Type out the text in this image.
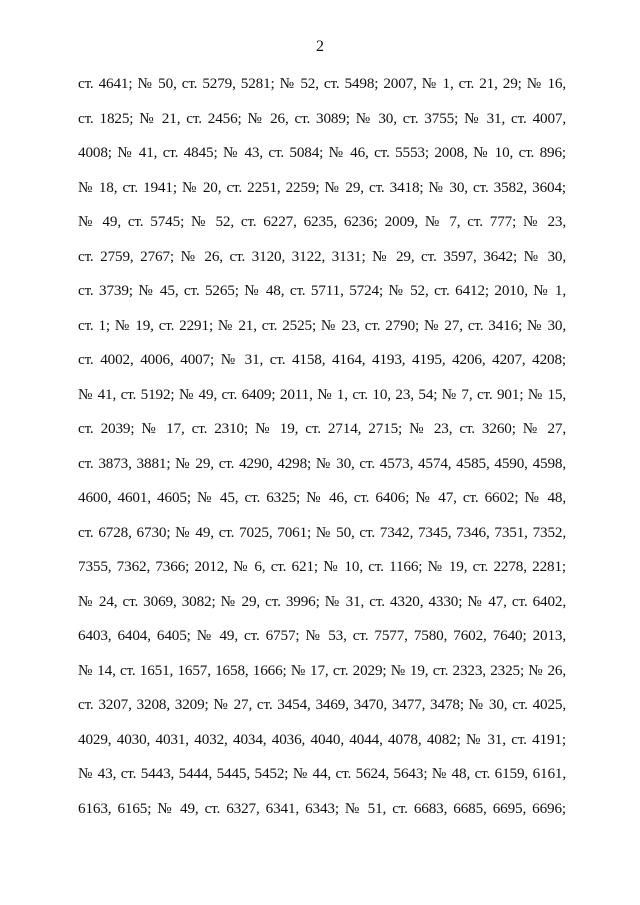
2
ст. 4641; № 50, ст. 5279, 5281; № 52, ст. 5498; 2007, № 1, ст. 21, 29; № 16,
ст. 1825; № 21, ст. 2456; № 26, ст. 3089; № 30, ст. 3755; № 31, ст. 4007,
4008; № 41, ст. 4845; № 43, ст. 5084; № 46, ст. 5553; 2008, № 10, ст. 896;
№ 18, ст. 1941; № 20, ст. 2251, 2259; № 29, ст. 3418; № 30, ст. 3582, 3604;
№ 49, ст. 5745; № 52, ст. 6227, 6235, 6236; 2009, № 7, ст. 777; № 23,
ст. 2759, 2767; № 26, ст. 3120, 3122, 3131; № 29, ст. 3597, 3642; № 30,
ст. 3739; № 45, ст. 5265; № 48, ст. 5711, 5724; № 52, ст. 6412; 2010, № 1,
ст. 1; № 19, ст. 2291; № 21, ст. 2525; № 23, ст. 2790; № 27, ст. 3416; № 30,
ст. 4002, 4006, 4007; № 31, ст. 4158, 4164, 4193, 4195, 4206, 4207, 4208;
№ 41, ст. 5192; № 49, ст. 6409; 2011, № 1, ст. 10, 23, 54; № 7, ст. 901; № 15,
ст. 2039; № 17, ст. 2310; № 19, ст. 2714, 2715; № 23, ст. 3260; № 27,
ст. 3873, 3881; № 29, ст. 4290, 4298; № 30, ст. 4573, 4574, 4585, 4590, 4598,
4600, 4601, 4605; № 45, ст. 6325; № 46, ст. 6406; № 47, ст. 6602; № 48,
ст. 6728, 6730; № 49, ст. 7025, 7061; № 50, ст. 7342, 7345, 7346, 7351, 7352,
7355, 7362, 7366; 2012, № 6, ст. 621; № 10, ст. 1166; № 19, ст. 2278, 2281;
№ 24, ст. 3069, 3082; № 29, ст. 3996; № 31, ст. 4320, 4330; № 47, ст. 6402,
6403, 6404, 6405; № 49, ст. 6757; № 53, ст. 7577, 7580, 7602, 7640; 2013,
№ 14, ст. 1651, 1657, 1658, 1666; № 17, ст. 2029; № 19, ст. 2323, 2325; № 26,
ст. 3207, 3208, 3209; № 27, ст. 3454, 3469, 3470, 3477, 3478; № 30, ст. 4025,
4029, 4030, 4031, 4032, 4034, 4036, 4040, 4044, 4078, 4082; № 31, ст. 4191;
№ 43, ст. 5443, 5444, 5445, 5452; № 44, ст. 5624, 5643; № 48, ст. 6159, 6161,
6163, 6165; № 49, ст. 6327, 6341, 6343; № 51, ст. 6683, 6685, 6695, 6696;
